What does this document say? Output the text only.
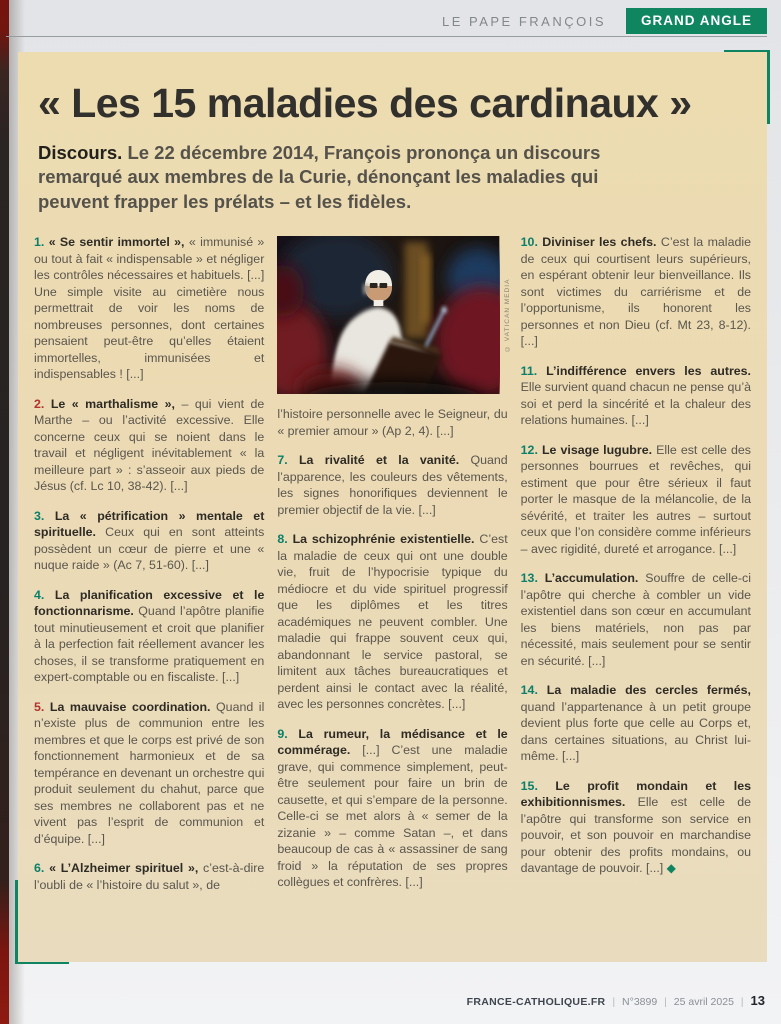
LE PAPE FRANÇOIS	GRAND ANGLE
« Les 15 maladies des cardinaux »

Discours. Le 22 décembre 2014, François prononça un discours remarqué aux membres de la Curie, dénonçant les maladies qui peuvent frapper les prélats – et les fidèles.

1. « Se sentir immortel », « immunisé » ou tout à fait « indispensable » et négliger les contrôles nécessaires et habituels. [...] Une simple visite au cimetière nous permettrait de voir les noms de nombreuses personnes, dont certaines pensaient peut-être qu’elles étaient immortelles, immunisées et indispensables ! [...]

2. Le « marthalisme », – qui vient de Marthe – ou l’activité excessive. Elle concerne ceux qui se noient dans le travail et négligent inévitablement « la meilleure part » : s’asseoir aux pieds de Jésus (cf. Lc 10, 38-42). [...]

3. La « pétrification » mentale et spirituelle. Ceux qui en sont atteints possèdent un cœur de pierre et une « nuque raide » (Ac 7, 51-60). [...]

4. La planification excessive et le fonctionnarisme. Quand l’apôtre planifie tout minutieusement et croit que planifier à la perfection fait réellement avancer les choses, il se transforme pratiquement en expert-comptable ou en fiscaliste. [...]

5. La mauvaise coordination. Quand il n’existe plus de communion entre les membres et que le corps est privé de son fonctionnement harmonieux et de sa tempérance en devenant un orchestre qui produit seulement du chahut, parce que ses membres ne collaborent pas et ne vivent pas l’esprit de communion et d’équipe. [...]

6. « L’Alzheimer spirituel », c’est-à-dire l’oubli de « l’histoire du salut », de

© VATICAN MEDIA

l’histoire personnelle avec le Seigneur, du « premier amour » (Ap 2, 4). [...]

7. La rivalité et la vanité. Quand l’apparence, les couleurs des vêtements, les signes honorifiques deviennent le premier objectif de la vie. [...]

8. La schizophrénie existentielle. C’est la maladie de ceux qui ont une double vie, fruit de l’hypocrisie typique du médiocre et du vide spirituel progressif que les diplômes et les titres académiques ne peuvent combler. Une maladie qui frappe souvent ceux qui, abandonnant le service pastoral, se limitent aux tâches bureaucratiques et perdent ainsi le contact avec la réalité, avec les personnes concrètes. [...]

9. La rumeur, la médisance et le commérage. [...] C’est une maladie grave, qui commence simplement, peut-être seulement pour faire un brin de causette, et qui s’empare de la personne. Celle-ci se met alors à « semer de la zizanie » – comme Satan –, et dans beaucoup de cas à « assassiner de sang froid » la réputation de ses propres collègues et confrères. [...]

10. Diviniser les chefs. C’est la maladie de ceux qui courtisent leurs supérieurs, en espérant obtenir leur bienveillance. Ils sont victimes du carriérisme et de l’opportunisme, ils honorent les personnes et non Dieu (cf. Mt 23, 8-12). [...]

11. L’indifférence envers les autres. Elle survient quand chacun ne pense qu’à soi et perd la sincérité et la chaleur des relations humaines. [...]

12. Le visage lugubre. Elle est celle des personnes bourrues et revêches, qui estiment que pour être sérieux il faut porter le masque de la mélancolie, de la sévérité, et traiter les autres – surtout ceux que l’on considère comme inférieurs – avec rigidité, dureté et arrogance. [...]

13. L’accumulation. Souffre de celle-ci l’apôtre qui cherche à combler un vide existentiel dans son cœur en accumulant les biens matériels, non pas par nécessité, mais seulement pour se sentir en sécurité. [...]

14. La maladie des cercles fermés, quand l’appartenance à un petit groupe devient plus forte que celle au Corps et, dans certaines situations, au Christ lui-même. [...]

15. Le profit mondain et les exhibitionnismes. Elle est celle de l’apôtre qui transforme son service en pouvoir, et son pouvoir en marchandise pour obtenir des profits mondains, ou davantage de pouvoir. [...] ◆

FRANCE-CATHOLIQUE.FR | N°3899 | 25 avril 2025 | 13
